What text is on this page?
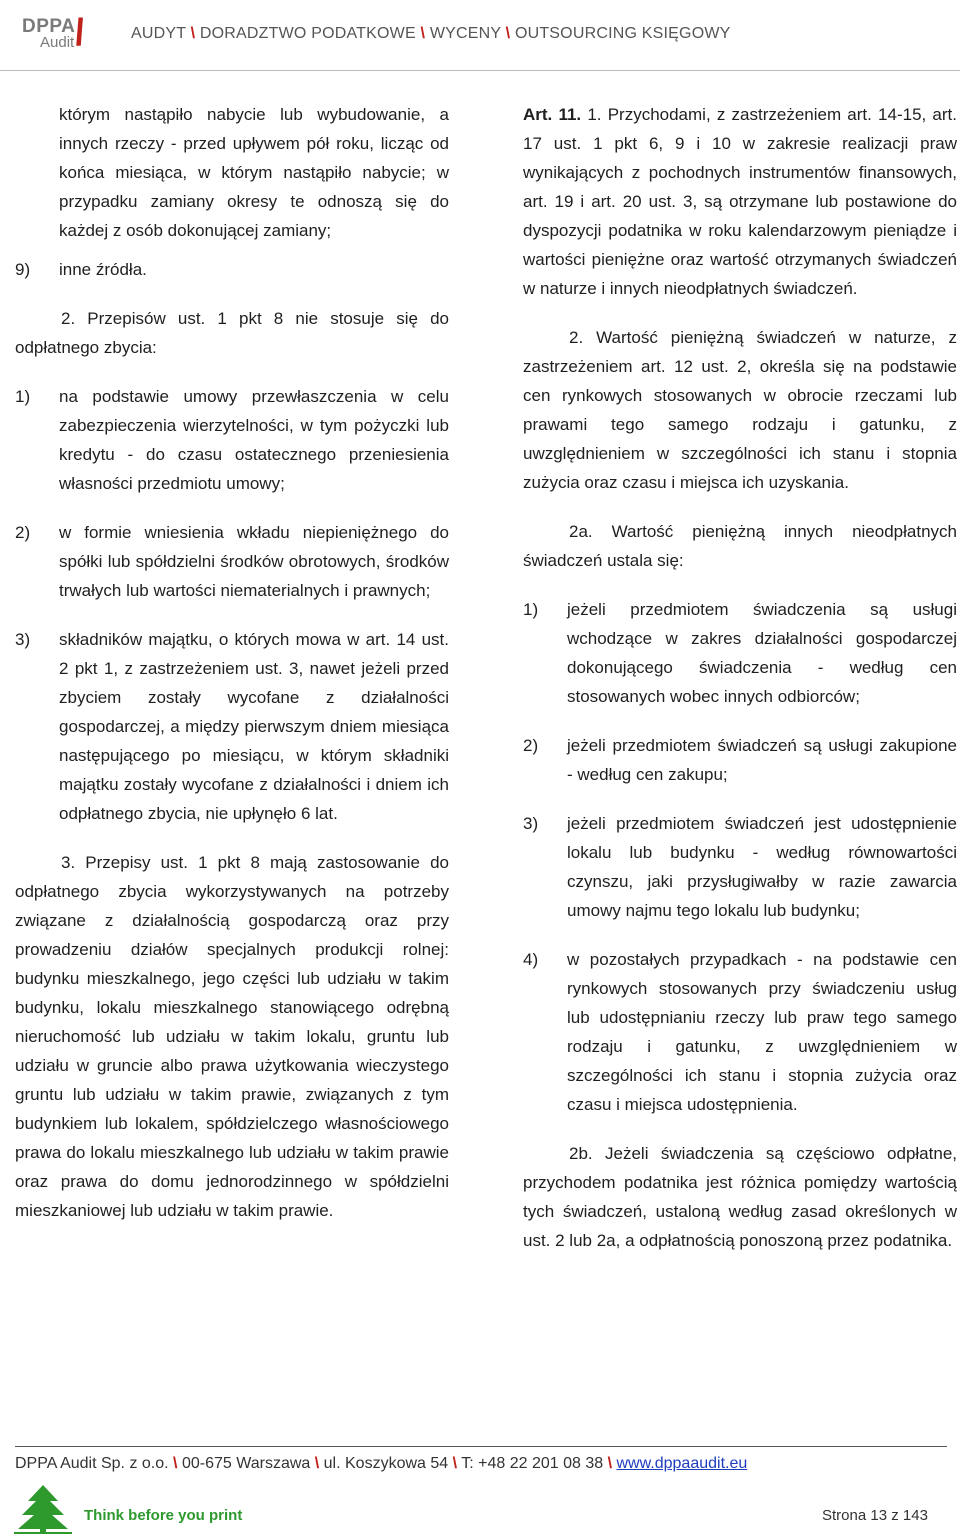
DPPA
Audit
\	AUDYT \ DORADZTWO PODATKOWE \ WYCENY \ OUTSOURCING KSIĘGOWY

którym nastąpiło nabycie lub wybudowanie, a innych rzeczy - przed upływem pół roku, licząc od końca miesiąca, w którym nastąpiło nabycie; w przypadku zamiany okresy te odnoszą się do każdej z osób dokonującej zamiany;

9) inne źródła.

2. Przepisów ust. 1 pkt 8 nie stosuje się do odpłatnego zbycia:

1) na podstawie umowy przewłaszczenia w celu zabezpieczenia wierzytelności, w tym pożyczki lub kredytu - do czasu ostatecznego przeniesienia własności przedmiotu umowy;
2) w formie wniesienia wkładu niepieniężnego do spółki lub spółdzielni środków obrotowych, środków trwałych lub wartości niematerialnych i prawnych;
3) składników majątku, o których mowa w art. 14 ust. 2 pkt 1, z zastrzeżeniem ust. 3, nawet jeżeli przed zbyciem zostały wycofane z działalności gospodarczej, a między pierwszym dniem miesiąca następującego po miesiącu, w którym składniki majątku zostały wycofane z działalności i dniem ich odpłatnego zbycia, nie upłynęło 6 lat.

3. Przepisy ust. 1 pkt 8 mają zastosowanie do odpłatnego zbycia wykorzystywanych na potrzeby związane z działalnością gospodarczą oraz przy prowadzeniu działów specjalnych produkcji rolnej: budynku mieszkalnego, jego części lub udziału w takim budynku, lokalu mieszkalnego stanowiącego odrębną nieruchomość lub udziału w takim lokalu, gruntu lub udziału w gruncie albo prawa użytkowania wieczystego gruntu lub udziału w takim prawie, związanych z tym budynkiem lub lokalem, spółdzielczego własnościowego prawa do lokalu mieszkalnego lub udziału w takim prawie oraz prawa do domu jednorodzinnego w spółdzielni mieszkaniowej lub udziału w takim prawie.

Art. 11. 1. Przychodami, z zastrzeżeniem art. 14-15, art. 17 ust. 1 pkt 6, 9 i 10 w zakresie realizacji praw wynikających z pochodnych instrumentów finansowych, art. 19 i art. 20 ust. 3, są otrzymane lub postawione do dyspozycji podatnika w roku kalendarzowym pieniądze i wartości pieniężne oraz wartość otrzymanych świadczeń w naturze i innych nieodpłatnych świadczeń.

2. Wartość pieniężną świadczeń w naturze, z zastrzeżeniem art. 12 ust. 2, określa się na podstawie cen rynkowych stosowanych w obrocie rzeczami lub prawami tego samego rodzaju i gatunku, z uwzględnieniem w szczególności ich stanu i stopnia zużycia oraz czasu i miejsca ich uzyskania.

2a. Wartość pieniężną innych nieodpłatnych świadczeń ustala się:

1) jeżeli przedmiotem świadczenia są usługi wchodzące w zakres działalności gospodarczej dokonującego świadczenia - według cen stosowanych wobec innych odbiorców;
2) jeżeli przedmiotem świadczeń są usługi zakupione - według cen zakupu;
3) jeżeli przedmiotem świadczeń jest udostępnienie lokalu lub budynku - według równowartości czynszu, jaki przysługiwałby w razie zawarcia umowy najmu tego lokalu lub budynku;
4) w pozostałych przypadkach - na podstawie cen rynkowych stosowanych przy świadczeniu usług lub udostępnianiu rzeczy lub praw tego samego rodzaju i gatunku, z uwzględnieniem w szczególności ich stanu i stopnia zużycia oraz czasu i miejsca udostępnienia.

2b. Jeżeli świadczenia są częściowo odpłatne, przychodem podatnika jest różnica pomiędzy wartością tych świadczeń, ustaloną według zasad określonych w ust. 2 lub 2a, a odpłatnością ponoszoną przez podatnika.

DPPA Audit Sp. z o.o. \ 00-675 Warszawa \ ul. Koszykowa 54 \ T: +48 22 201 08 38 \ www.dppaaudit.eu
Think before you print	Strona 13 z 143
